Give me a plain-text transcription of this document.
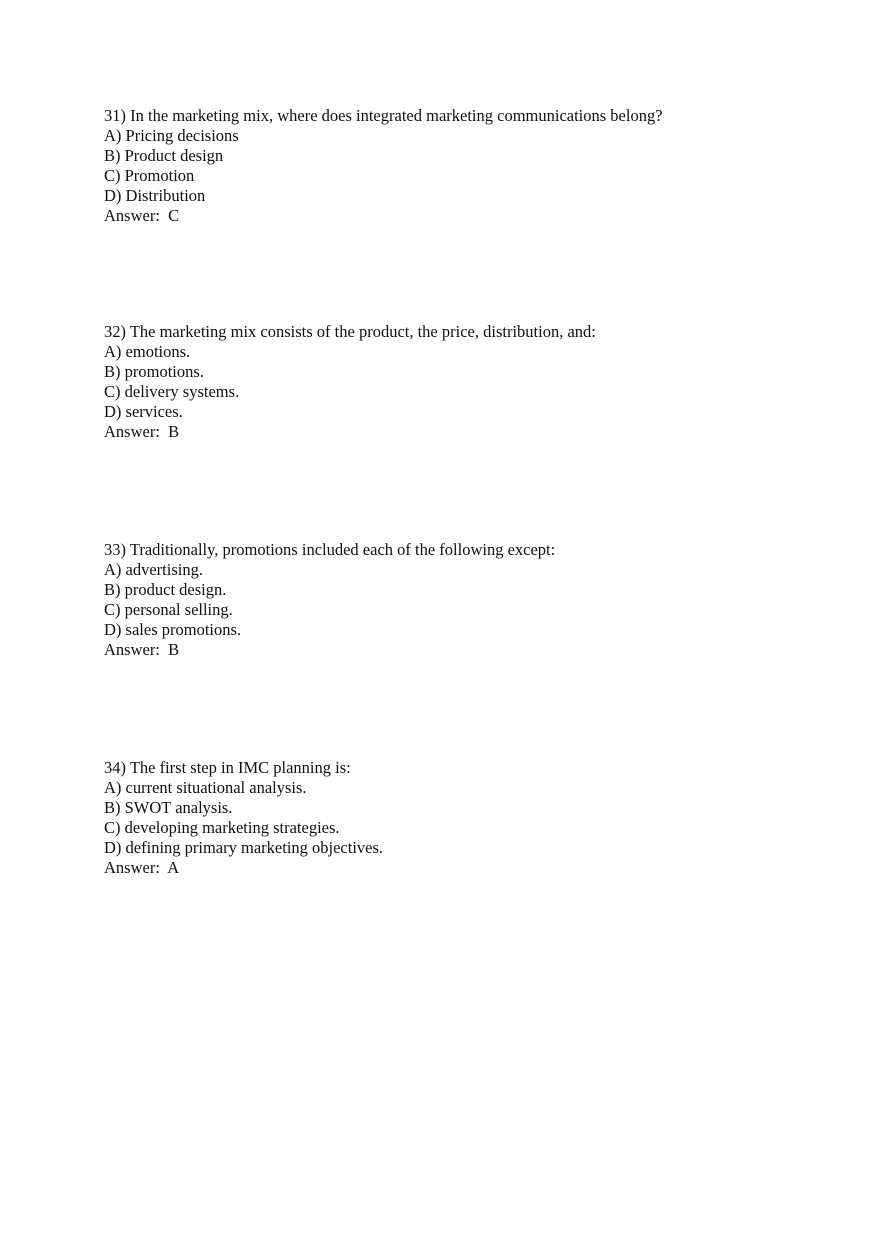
31) In the marketing mix, where does integrated marketing communications belong?
A) Pricing decisions
B) Product design
C) Promotion
D) Distribution
Answer:  C
32) The marketing mix consists of the product, the price, distribution, and:
A) emotions.
B) promotions.
C) delivery systems.
D) services.
Answer:  B
33) Traditionally, promotions included each of the following except:
A) advertising.
B) product design.
C) personal selling.
D) sales promotions.
Answer:  B
34) The first step in IMC planning is:
A) current situational analysis.
B) SWOT analysis.
C) developing marketing strategies.
D) defining primary marketing objectives.
Answer:  A
